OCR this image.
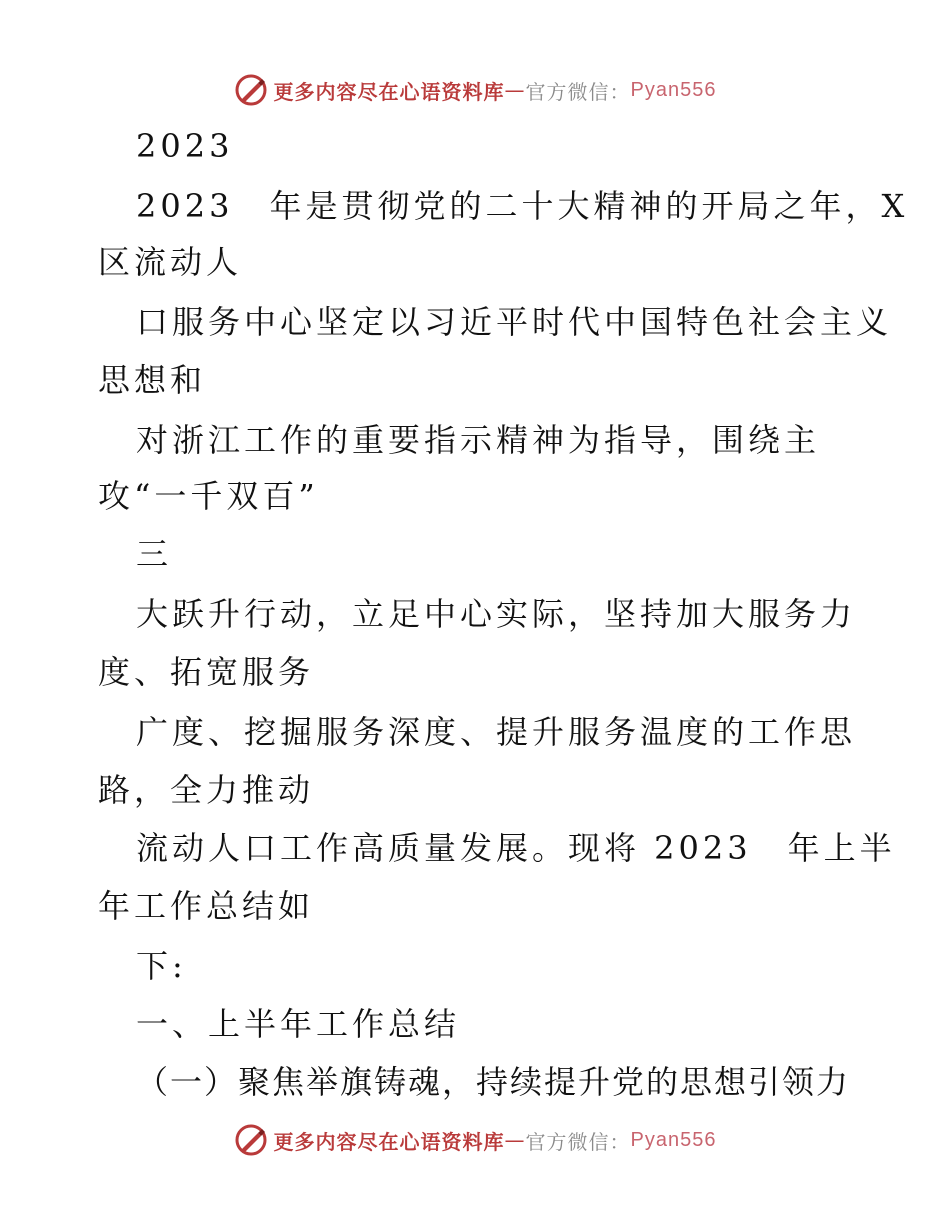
更多内容尽在心语资料库 — 官方微信： Pyan556
2023
2023　年是贯彻党的二十大精神的开局之年，X
区流动人
口服务中心坚定以习近平时代中国特色社会主义
思想和
对浙江工作的重要指示精神为指导，围绕主
攻“一千双百”
三
大跃升行动，立足中心实际，坚持加大服务力
度、拓宽服务
广度、挖掘服务深度、提升服务温度的工作思
路，全力推动
流动人口工作高质量发展。现将 2023　年上半
年工作总结如
下:
一、上半年工作总结
（一）聚焦举旗铸魂，持续提升党的思想引领力
更多内容尽在心语资料库 — 官方微信： Pyan556
